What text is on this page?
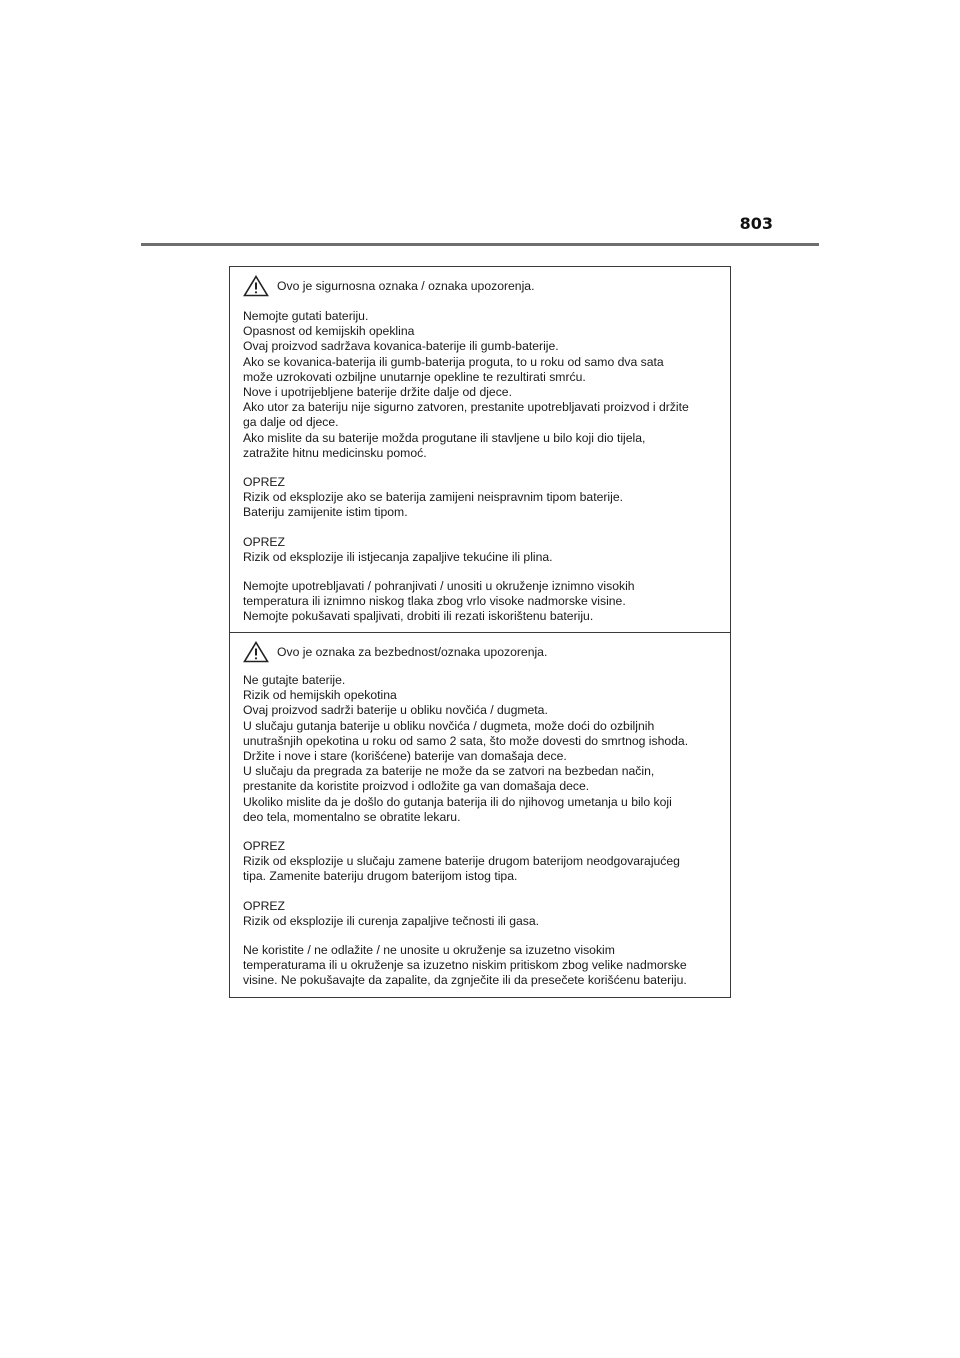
803
Ovo je sigurnosna oznaka / oznaka upozorenja.
Nemojte gutati bateriju.
Opasnost od kemijskih opeklina
Ovaj proizvod sadržava kovanica-baterije ili gumb-baterije.
Ako se kovanica-baterija ili gumb-baterija proguta, to u roku od samo dva sata
može uzrokovati ozbiljne unutarnje opekline te rezultirati smrću.
Nove i upotrijebljene baterije držite dalje od djece.
Ako utor za bateriju nije sigurno zatvoren, prestanite upotrebljavati proizvod i držite
ga dalje od djece.
Ako mislite da su baterije možda progutane ili stavljene u bilo koji dio tijela,
zatražite hitnu medicinsku pomoć.
OPREZ
Rizik od eksplozije ako se baterija zamijeni neispravnim tipom baterije.
Bateriju zamijenite istim tipom.
OPREZ
Rizik od eksplozije ili istjecanja zapaljive tekućine ili plina.
Nemojte upotrebljavati / pohranjivati / unositi u okruženje iznimno visokih
temperatura ili iznimno niskog tlaka zbog vrlo visoke nadmorske visine.
Nemojte pokušavati spaljivati, drobiti ili rezati iskorištenu bateriju.
Ovo je oznaka za bezbednost/oznaka upozorenja.
Ne gutajte baterije.
Rizik od hemijskih opekotina
Ovaj proizvod sadrži baterije u obliku novčića / dugmeta.
U slučaju gutanja baterije u obliku novčića / dugmeta, može doći do ozbiljnih
unutrašnjih opekotina u roku od samo 2 sata, što može dovesti do smrtnog ishoda.
Držite i nove i stare (korišćene) baterije van domašaja dece.
U slučaju da pregrada za baterije ne može da se zatvori na bezbedan način,
prestanite da koristite proizvod i odložite ga van domašaja dece.
Ukoliko mislite da je došlo do gutanja baterija ili do njihovog umetanja u bilo koji
deo tela, momentalno se obratite lekaru.
OPREZ
Rizik od eksplozije u slučaju zamene baterije drugom baterijom neodgovarajućeg
tipa. Zamenite bateriju drugom baterijom istog tipa.
OPREZ
Rizik od eksplozije ili curenja zapaljive tečnosti ili gasa.
Ne koristite / ne odlažite / ne unosite u okruženje sa izuzetno visokim
temperaturama ili u okruženje sa izuzetno niskim pritiskom zbog velike nadmorske
visine. Ne pokušavajte da zapalite, da zgnječite ili da presečete korišćenu bateriju.
